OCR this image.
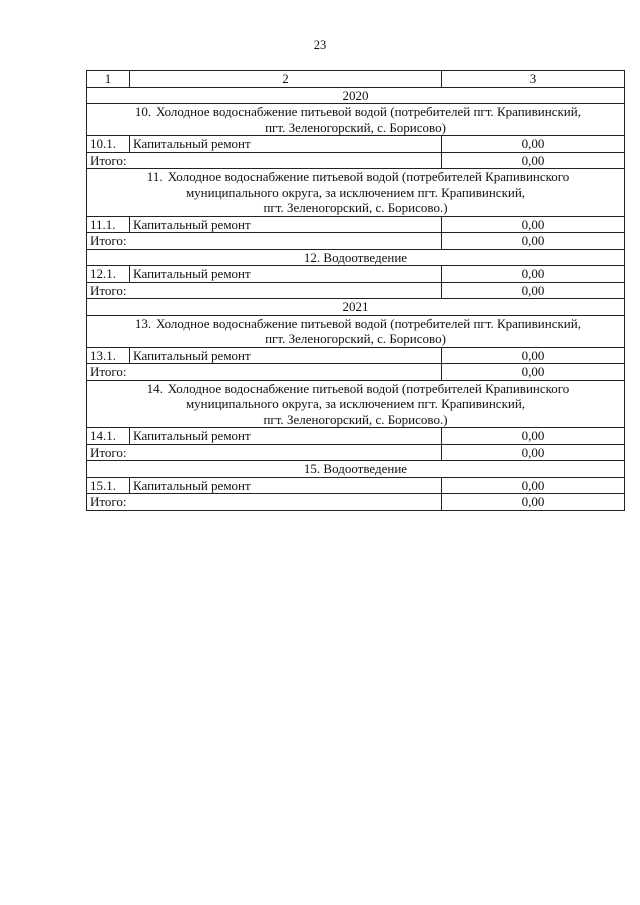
23
1	2	3
2020		

10. Холодное водоснабжение питьевой водой (потребителей пгт. Крапивинский,
пгт. Зеленогорский, с. Борисово)		

10.1.	Капитальный ремонт	0,00
Итого:		0,00

11. Холодное водоснабжение питьевой водой (потребителей Крапивинского
муниципального округа, за исключением пгт. Крапивинский,
пгт. Зеленогорский, с. Борисово.)		

11.1.	Капитальный ремонт	0,00
Итого:		0,00
12. Водоотведение		
12.1.	Капитальный ремонт	0,00
Итого:		0,00
2021		

13. Холодное водоснабжение питьевой водой (потребителей пгт. Крапивинский,
пгт. Зеленогорский, с. Борисово)		

13.1.	Капитальный ремонт	0,00
Итого:		0,00

14. Холодное водоснабжение питьевой водой (потребителей Крапивинского
муниципального округа, за исключением пгт. Крапивинский,
пгт. Зеленогорский, с. Борисово.)		

14.1.	Капитальный ремонт	0,00
Итого:		0,00
15. Водоотведение		
15.1.	Капитальный ремонт	0,00
Итого:		0,00
